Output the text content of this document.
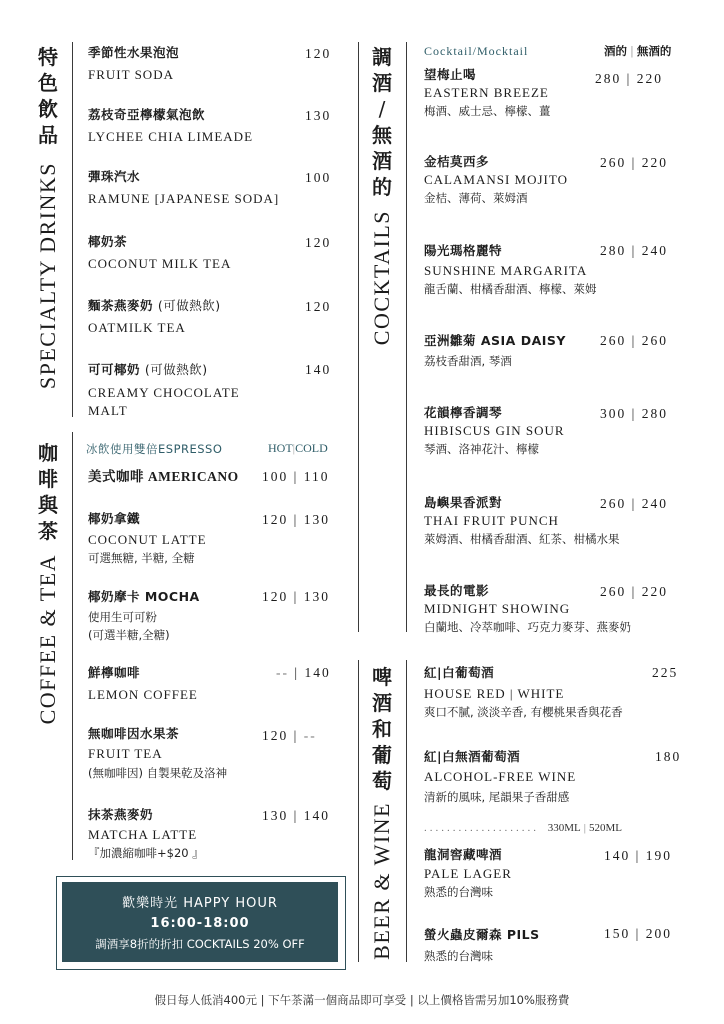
特
色
飲
品
SPECIALTY DRINKS
季節性水果泡泡
FRUIT SODA
120
荔枝奇亞檸檬氣泡飲
LYCHEE CHIA LIMEADE
130
彈珠汽水
RAMUNE [JAPANESE SODA]
100
椰奶茶
COCONUT MILK TEA
120
麵茶燕麥奶 (可做熱飲)
OATMILK TEA
120
可可椰奶 (可做熱飲)
CREAMY CHOCOLATE
MALT
140
咖
啡
與
茶
COFFEE & TEA
冰飲使用雙倍ESPRESSO	HOT|COLD
美式咖啡 AMERICANO 100 | 110
椰奶拿鐵
COCONUT LATTE
可選無糖, 半糖, 全糖
120 | 130
椰奶摩卡 MOCHA
使用生可可粉
(可選半糖,全糖)
120 | 130
鮮檸咖啡
LEMON COFFEE
-- | 140
無咖啡因水果茶
FRUIT TEA
(無咖啡因) 自製果乾及洛神
120 | --
抹茶燕麥奶
MATCHA LATTE
『加濃縮咖啡+$20 』
130 | 140
歡樂時光 HAPPY HOUR
16:00-18:00
調酒享8折的折扣 COCKTAILS 20% OFF
調
酒
/
無
酒
的
COCKTAILS
Cocktail/Mocktail	酒的 | 無酒的
望梅止喝
EASTERN BREEZE
梅酒、威士忌、檸檬、薑
280 | 220
金桔莫西多
CALAMANSI MOJITO
金桔、薄荷、萊姆酒
260 | 220
陽光瑪格麗特
SUNSHINE MARGARITA
龍舌蘭、柑橘香甜酒、檸檬、萊姆
280 | 240
亞洲雛菊 ASIA DAISY
荔枝香甜酒, 琴酒
260 | 260
花韻檸香調琴
HIBISCUS GIN SOUR
琴酒、洛神花汁、檸檬
300 | 280
島嶼果香派對
THAI FRUIT PUNCH
萊姆酒、柑橘香甜酒、紅茶、柑橘水果
260 | 240
最長的電影
MIDNIGHT SHOWING
白蘭地、冷萃咖啡、巧克力麥芽、燕麥奶
260 | 220
啤
酒
和
葡
萄
BEER & WINE
紅|白葡萄酒
HOUSE RED | WHITE
爽口不膩, 淡淡辛香, 有櫻桃果香與花香
225
紅|白無酒葡萄酒
ALCOHOL-FREE WINE
清新的風味, 尾韻果子香甜感
180
.................... 330ML | 520ML
龍洞窖藏啤酒
PALE LAGER
熟悉的台灣味
140 | 190
螢火蟲皮爾森 PILS
熟悉的台灣味
150 | 200
假日每人低消400元 | 下午茶滿一個商品即可享受 | 以上價格皆需另加10%服務費
